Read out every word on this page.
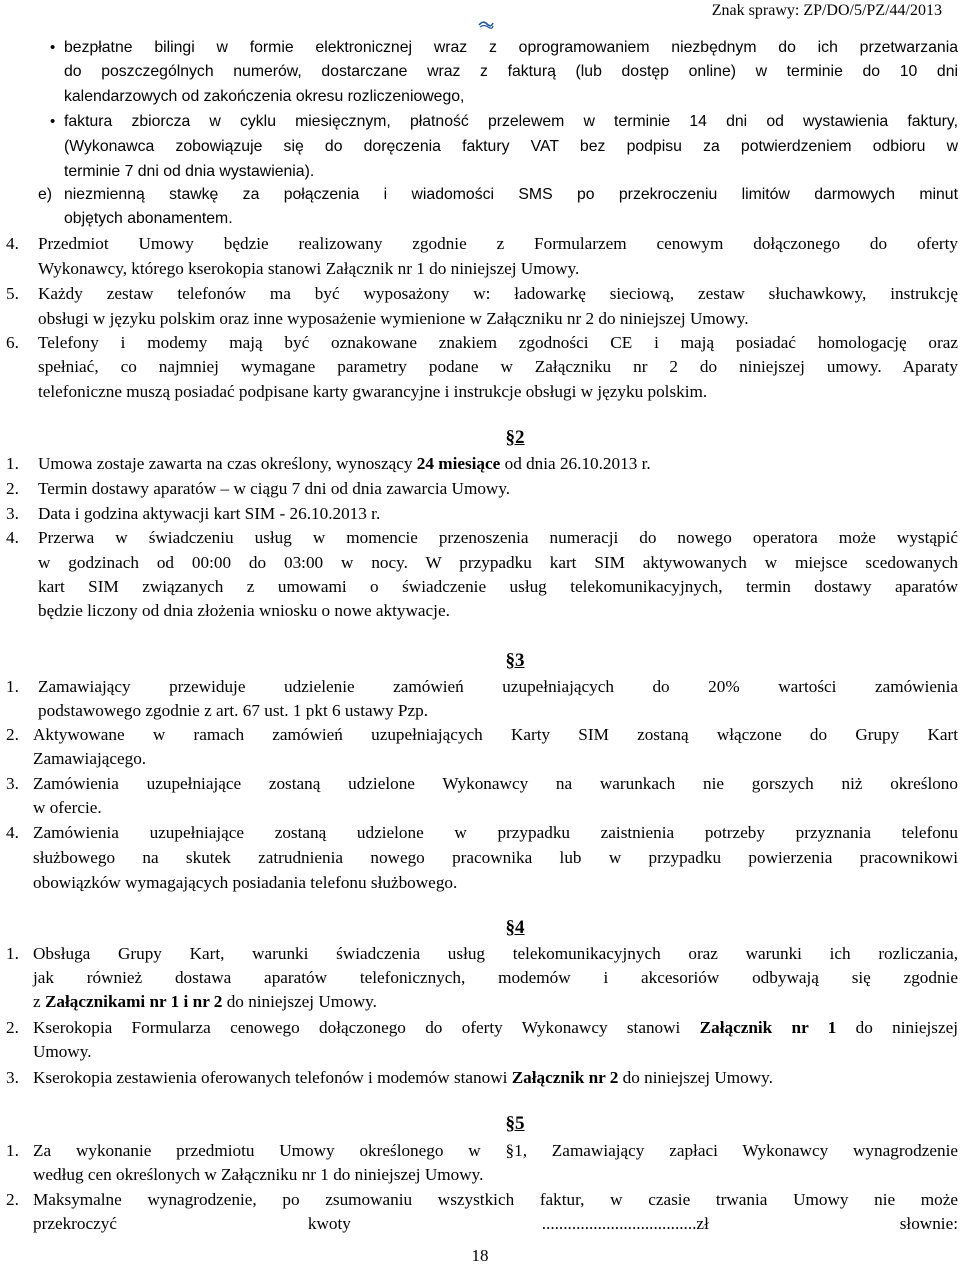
Znak sprawy: ZP/DO/5/PZ/44/2013
• bezpłatne bilingi w formie elektronicznej wraz z oprogramowaniem niezbędnym do ich przetwarzania
do poszczególnych numerów, dostarczane wraz z fakturą (lub dostęp online) w terminie do 10 dni
kalendarzowych od zakończenia okresu rozliczeniowego,
• faktura zbiorcza w cyklu miesięcznym, płatność przelewem w terminie 14 dni od wystawienia faktury,
(Wykonawca zobowiązuje się do doręczenia faktury VAT bez podpisu za potwierdzeniem odbioru w
terminie 7 dni od dnia wystawienia).
e) niezmienną stawkę za połączenia i wiadomości SMS po przekroczeniu limitów darmowych minut
objętych abonamentem.
4. Przedmiot Umowy będzie realizowany zgodnie z Formularzem cenowym dołączonego do oferty
Wykonawcy, którego kserokopia stanowi Załącznik nr 1 do niniejszej Umowy.
5. Każdy zestaw telefonów ma być wyposażony w: ładowarkę sieciową, zestaw słuchawkowy, instrukcję
obsługi w języku polskim oraz inne wyposażenie wymienione w Załączniku nr 2 do niniejszej Umowy.
6. Telefony i modemy mają być oznakowane znakiem zgodności CE i mają posiadać homologację oraz
spełniać, co najmniej wymagane parametry podane w Załączniku nr 2 do niniejszej umowy. Aparaty
telefoniczne muszą posiadać podpisane karty gwarancyjne i instrukcje obsługi w języku polskim.
§2
1. Umowa zostaje zawarta na czas określony, wynoszący 24 miesiące od dnia 26.10.2013 r.
2. Termin dostawy aparatów – w ciągu 7 dni od dnia zawarcia Umowy.
3. Data i godzina aktywacji kart SIM - 26.10.2013 r.
4. Przerwa w świadczeniu usług w momencie przenoszenia numeracji do nowego operatora może wystąpić
w godzinach od 00:00 do 03:00 w nocy. W przypadku kart SIM aktywowanych w miejsce scedowanych
kart SIM związanych z umowami o świadczenie usług telekomunikacyjnych, termin dostawy aparatów
będzie liczony od dnia złożenia wniosku o nowe aktywacje.
§3
1. Zamawiający przewiduje udzielenie zamówień uzupełniających do 20% wartości zamówienia
podstawowego zgodnie z art. 67 ust. 1 pkt 6 ustawy Pzp.
2. Aktywowane w ramach zamówień uzupełniających Karty SIM zostaną włączone do Grupy Kart
Zamawiającego.
3. Zamówienia uzupełniające zostaną udzielone Wykonawcy na warunkach nie gorszych niż określono
w ofercie.
4. Zamówienia uzupełniające zostaną udzielone w przypadku zaistnienia potrzeby przyznania telefonu
służbowego na skutek zatrudnienia nowego pracownika lub w przypadku powierzenia pracownikowi
obowiązków wymagających posiadania telefonu służbowego.
§4
1. Obsługa Grupy Kart, warunki świadczenia usług telekomunikacyjnych oraz warunki ich rozliczania,
jak również dostawa aparatów telefonicznych, modemów i akcesoriów odbywają się zgodnie
z Załącznikami nr 1 i nr 2 do niniejszej Umowy.
2. Kserokopia Formularza cenowego dołączonego do oferty Wykonawcy stanowi Załącznik nr 1 do niniejszej
Umowy.
3. Kserokopia zestawienia oferowanych telefonów i modemów stanowi Załącznik nr 2 do niniejszej Umowy.
§5
1. Za wykonanie przedmiotu Umowy określonego w §1, Zamawiający zapłaci Wykonawcy wynagrodzenie
według cen określonych w Załączniku nr 1 do niniejszej Umowy.
2. Maksymalne wynagrodzenie, po zsumowaniu wszystkich faktur, w czasie trwania Umowy nie może
przekroczyć kwoty ....................................zł słownie:
18
